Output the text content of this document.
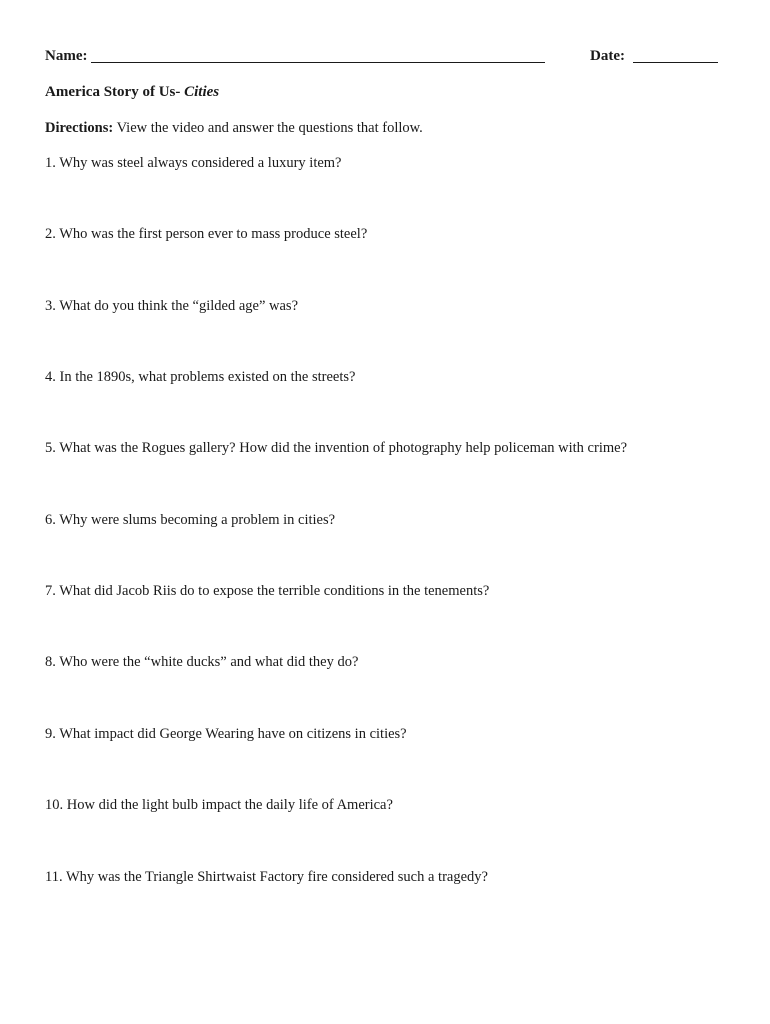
Name:	Date:
America Story of Us- Cities
Directions: View the video and answer the questions that follow.
1. Why was steel always considered a luxury item?
2. Who was the first person ever to mass produce steel?
3. What do you think the “gilded age” was?
4. In the 1890s, what problems existed on the streets?
5. What was the Rogues gallery? How did the invention of photography help policeman with crime?
6. Why were slums becoming a problem in cities?
7. What did Jacob Riis do to expose the terrible conditions in the tenements?
8. Who were the “white ducks” and what did they do?
9. What impact did George Wearing have on citizens in cities?
10. How did the light bulb impact the daily life of America?
11. Why was the Triangle Shirtwaist Factory fire considered such a tragedy?
